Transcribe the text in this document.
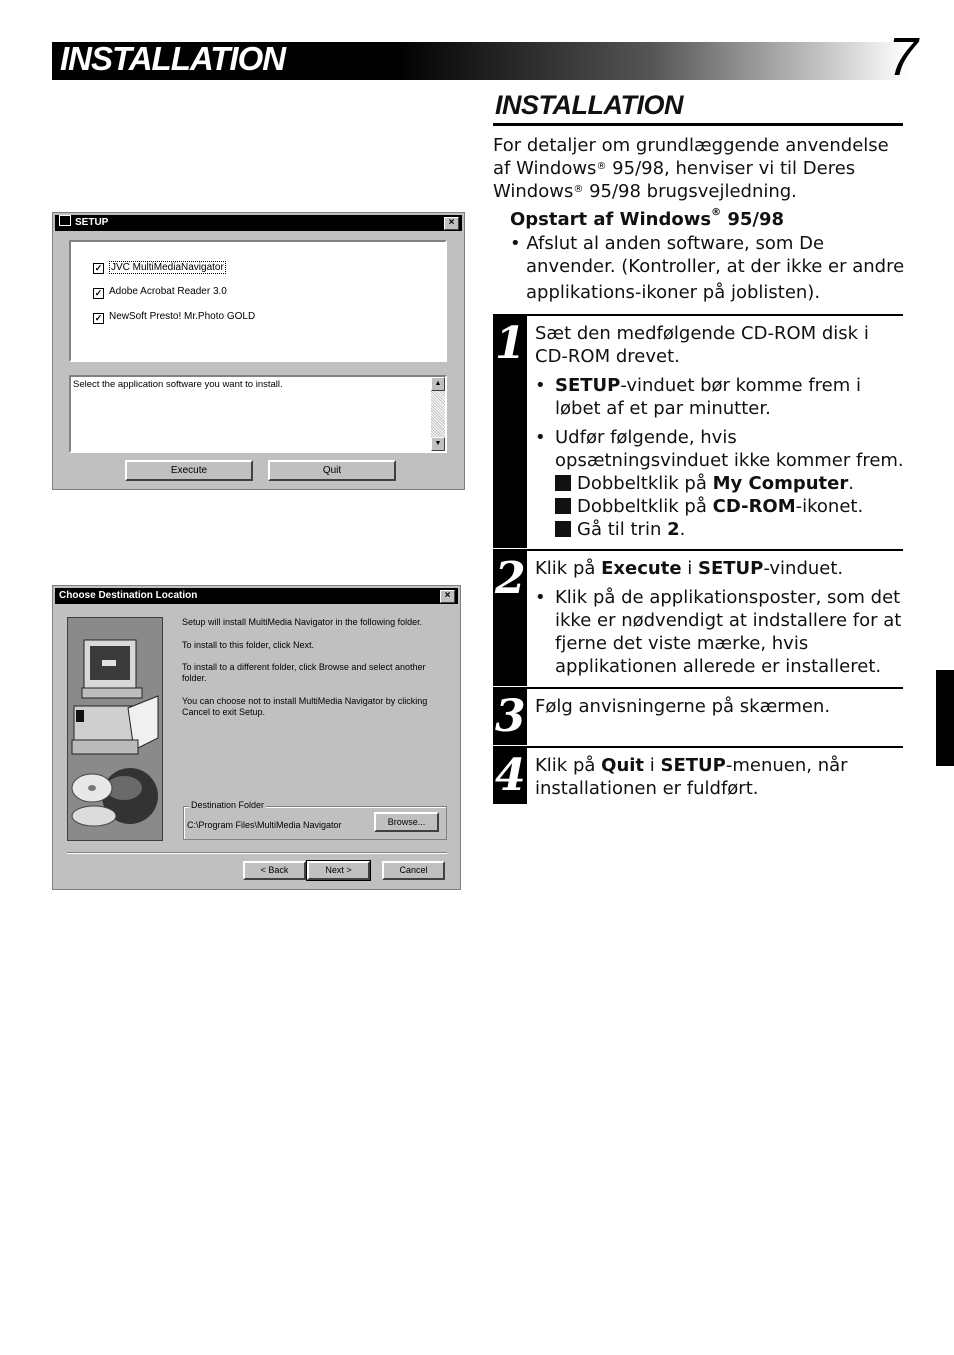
INSTALLATION	7
INSTALLATION
For detaljer om grundlæggende anvendelse
af Windows® 95/98, henviser vi til Deres
Windows® 95/98 brugsvejledning.
Opstart af Windows® 95/98
• Afslut al anden software, som De
anvender. (Kontroller, at der ikke er andre
applikations-ikoner på joblisten).
1 Sæt den medfølgende CD-ROM disk i
CD-ROM drevet.
• SETUP-vinduet bør komme frem i
løbet af et par minutter.
• Udfør følgende, hvis
opsætningsvinduet ikke kommer frem.
Dobbeltklik på My Computer.
Dobbeltklik på CD-ROM-ikonet.
Gå til trin 2.
2 Klik på Execute i SETUP-vinduet.
• Klik på de applikationsposter, som det
ikke er nødvendigt at indstallere for at
fjerne det viste mærke, hvis
applikationen allerede er installeret.
3 Følg anvisningerne på skærmen.
4 Klik på Quit i SETUP-menuen, når
installationen er fuldført.
SETUP	×
✓ JVC MultiMediaNavigator
✓ Adobe Acrobat Reader 3.0
✓ NewSoft Presto! Mr.Photo GOLD
Select the application software you want to install.	▲
▼
Execute	Quit
Choose Destination Location	×
Setup will install MultiMedia Navigator in the following folder.
To install to this folder, click Next.
To install to a different folder, click Browse and select another folder.
You can choose not to install MultiMedia Navigator by clicking Cancel to exit Setup.
Destination Folder
C:\Program Files\MultiMedia Navigator	Browse...
< Back	Next >	Cancel
